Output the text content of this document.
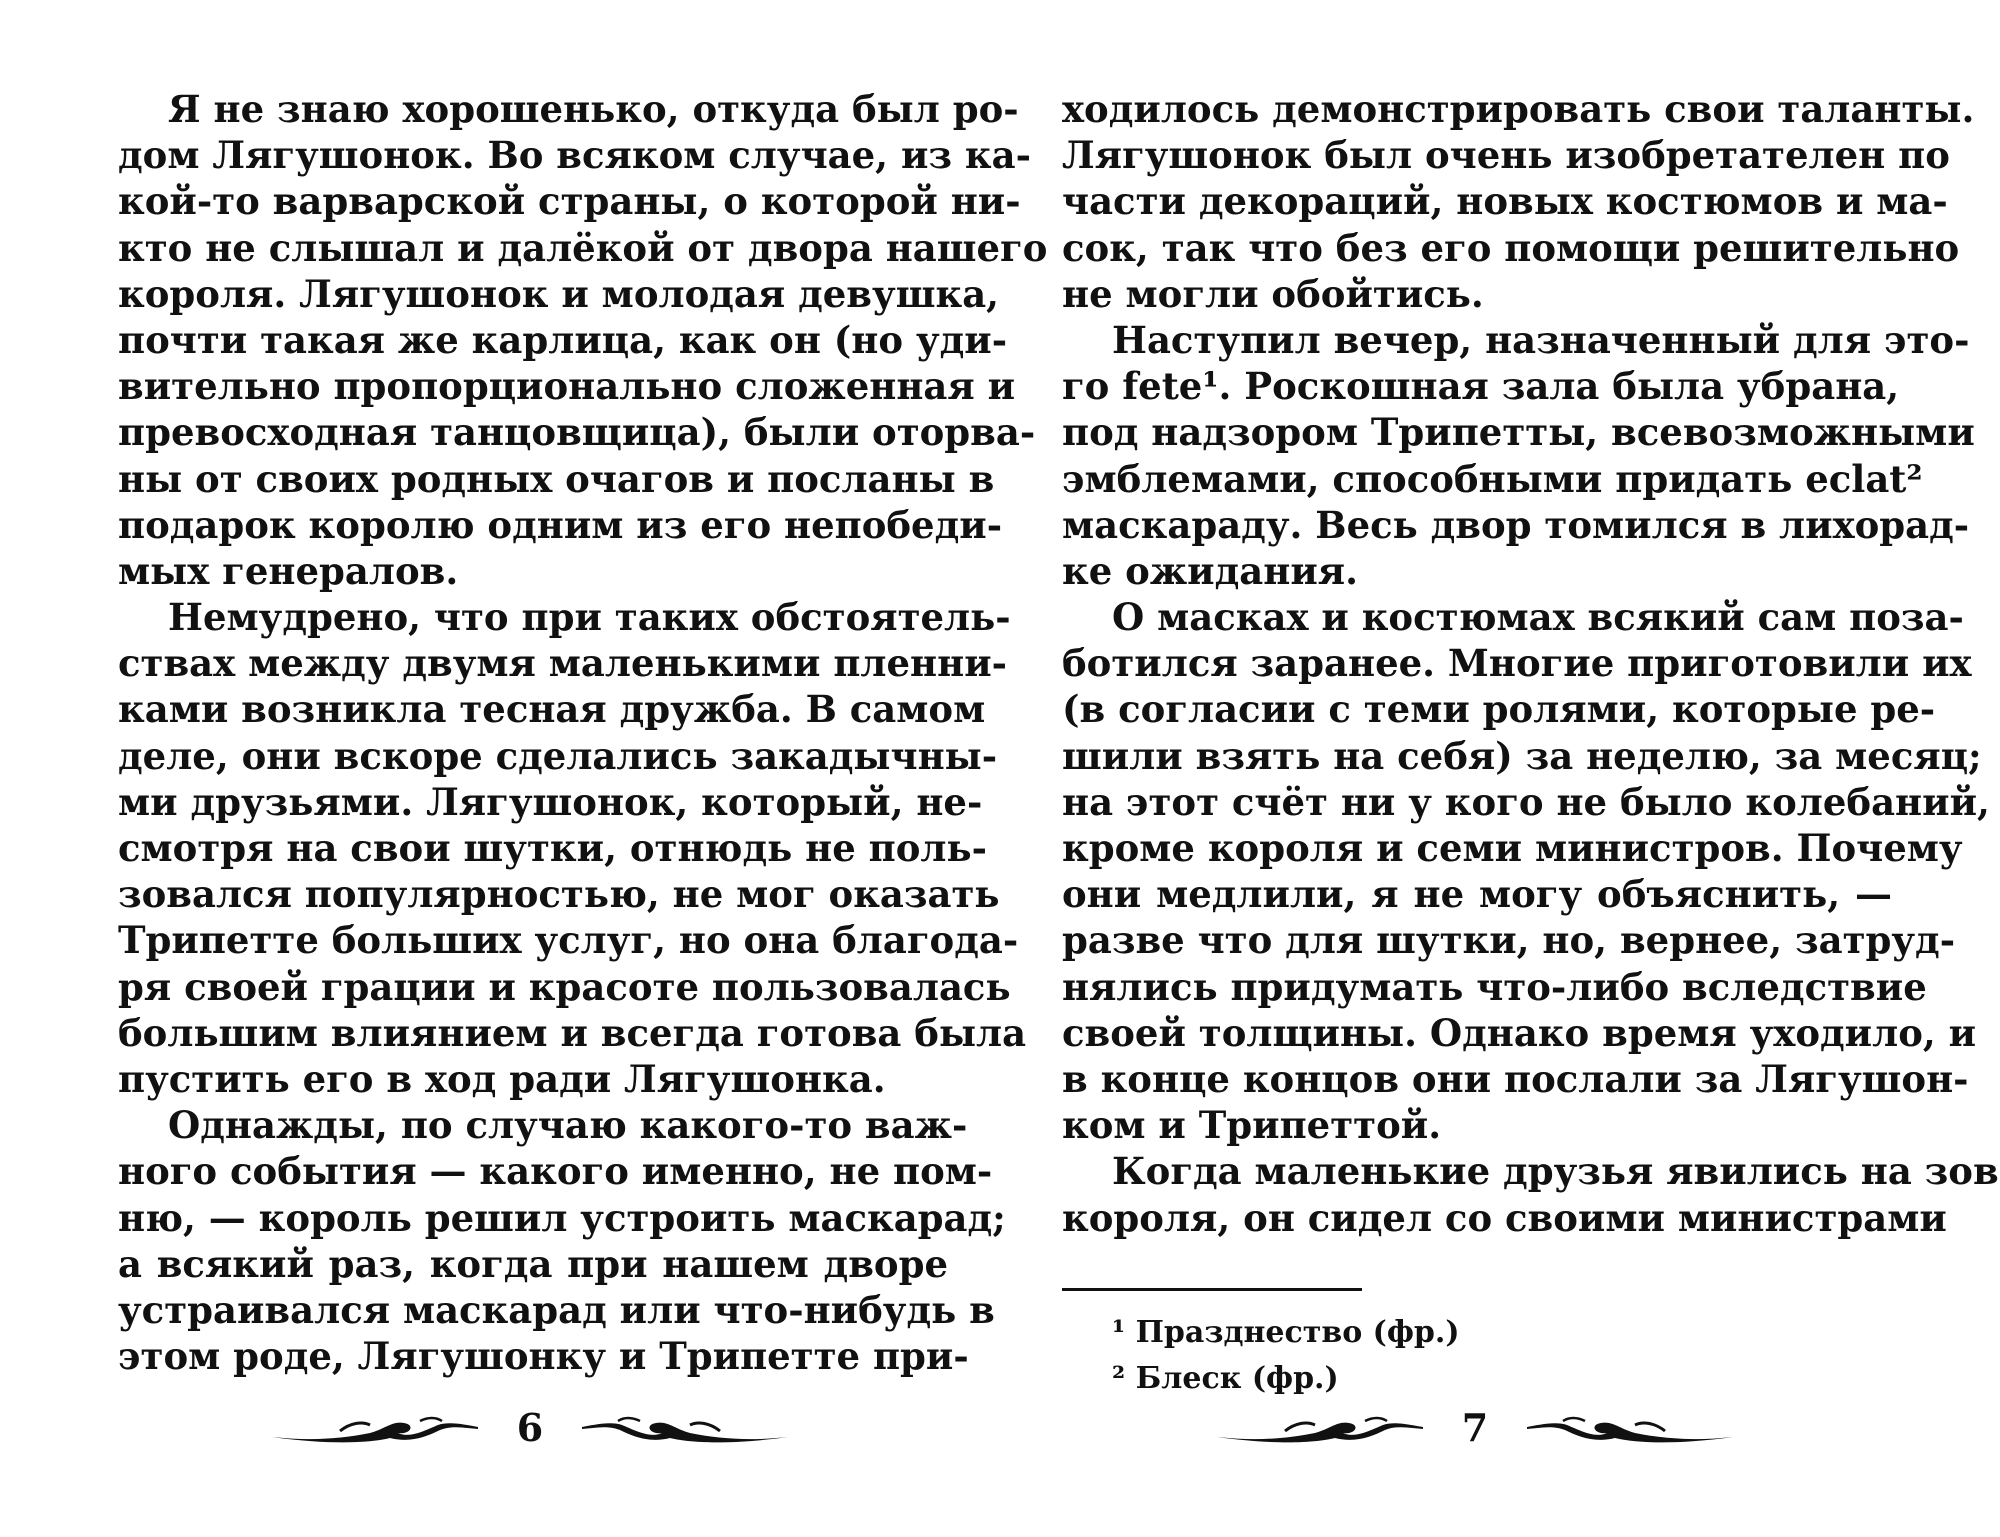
Я не знаю хорошенько, откуда был ро-
дом Лягушонок. Во всяком случае, из ка-
кой-то варварской страны, о которой ни-
кто не слышал и далёкой от двора нашего
короля. Лягушонок и молодая девушка,
почти такая же карлица, как он (но уди-
вительно пропорционально сложенная и
превосходная танцовщица), были оторва-
ны от своих родных очагов и посланы в
подарок королю одним из его непобеди-
мых генералов.
Немудрено, что при таких обстоятель-
ствах между двумя маленькими пленни-
ками возникла тесная дружба. В самом
деле, они вскоре сделались закадычны-
ми друзьями. Лягушонок, который, не-
смотря на свои шутки, отнюдь не поль-
зовался популярностью, не мог оказать
Трипетте больших услуг, но она благода-
ря своей грации и красоте пользовалась
большим влиянием и всегда готова была
пустить его в ход ради Лягушонка.
Однажды, по случаю какого-то важ-
ного события — какого именно, не пом-
ню, — король решил устроить маскарад;
а всякий раз, когда при нашем дворе
устраивался маскарад или что-нибудь в
этом роде, Лягушонку и Трипетте при-
6
ходилось демонстрировать свои таланты.
Лягушонок был очень изобретателен по
части декораций, новых костюмов и ма-
сок, так что без его помощи решительно
не могли обойтись.
Наступил вечер, назначенный для это-
го fete¹. Роскошная зала была убрана,
под надзором Трипетты, всевозможными
эмблемами, способными придать eclat²
маскараду. Весь двор томился в лихорад-
ке ожидания.
О масках и костюмах всякий сам поза-
ботился заранее. Многие приготовили их
(в согласии с теми ролями, которые ре-
шили взять на себя) за неделю, за месяц;
на этот счёт ни у кого не было колебаний,
кроме короля и семи министров. Почему
они медлили, я не могу объяснить, —
разве что для шутки, но, вернее, затруд-
нялись придумать что-либо вследствие
своей толщины. Однако время уходило, и
в конце концов они послали за Лягушон-
ком и Трипеттой.
Когда маленькие друзья явились на зов
короля, он сидел со своими министрами
¹ Празднество (фр.)
² Блеск (фр.)
7
